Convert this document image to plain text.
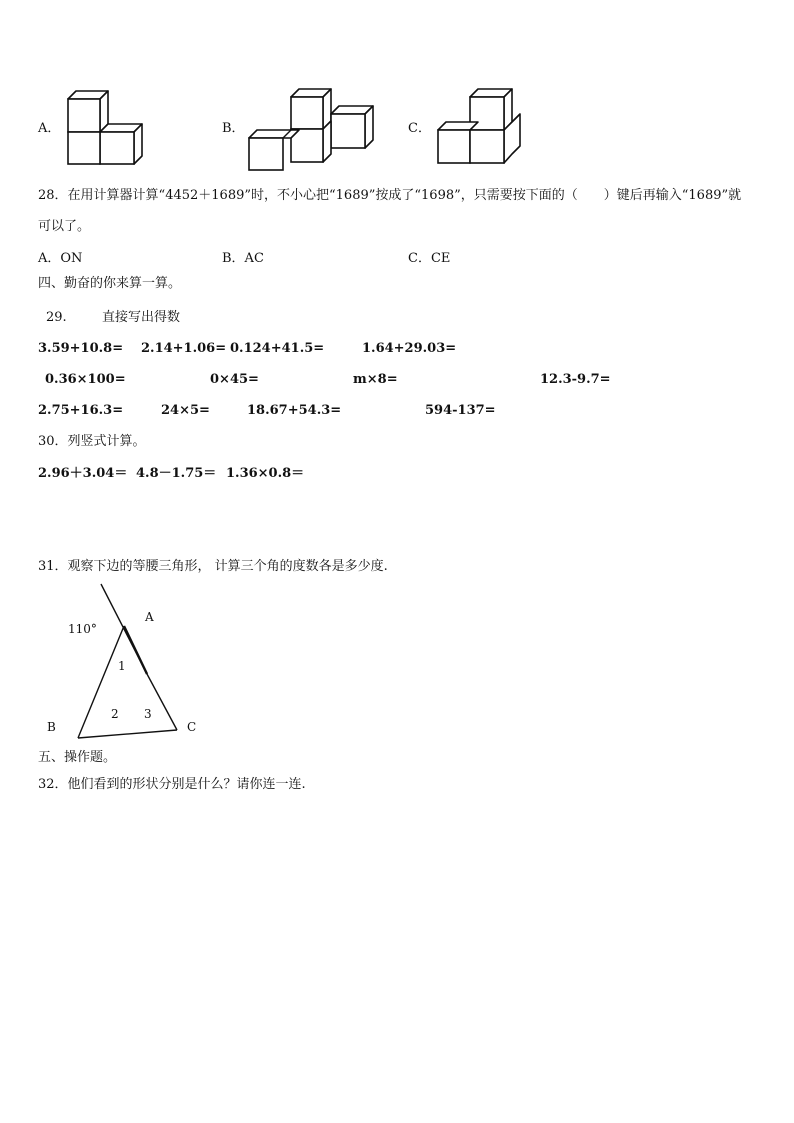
A．	B．	C．
28．在用计算器计算“4452＋1689”时，不小心把“1689”按成了“1698”，只需要按下面的（　　）键后再输入“1689”就
可以了。
A．ON	B．AC	C．CE
四、勤奋的你来算一算。
29.	直接写出得数
3.59+10.8= 2.14+1.06= 0.124+41.5=	1.64+29.03=
0.36×100=	0×45=	m×8=	12.3-9.7=
2.75+16.3=	24×5=	18.67+54.3=	594-137=
30．列竖式计算。
2.96＋3.04＝ 4.8－1.75＝ 1.36×0.8＝
31．观察下边的等腰三角形， 计算三个角的度数各是多少度.
110°
A
B	C
1
2 3
五、操作题。
32．他们看到的形状分别是什么？请你连一连.
